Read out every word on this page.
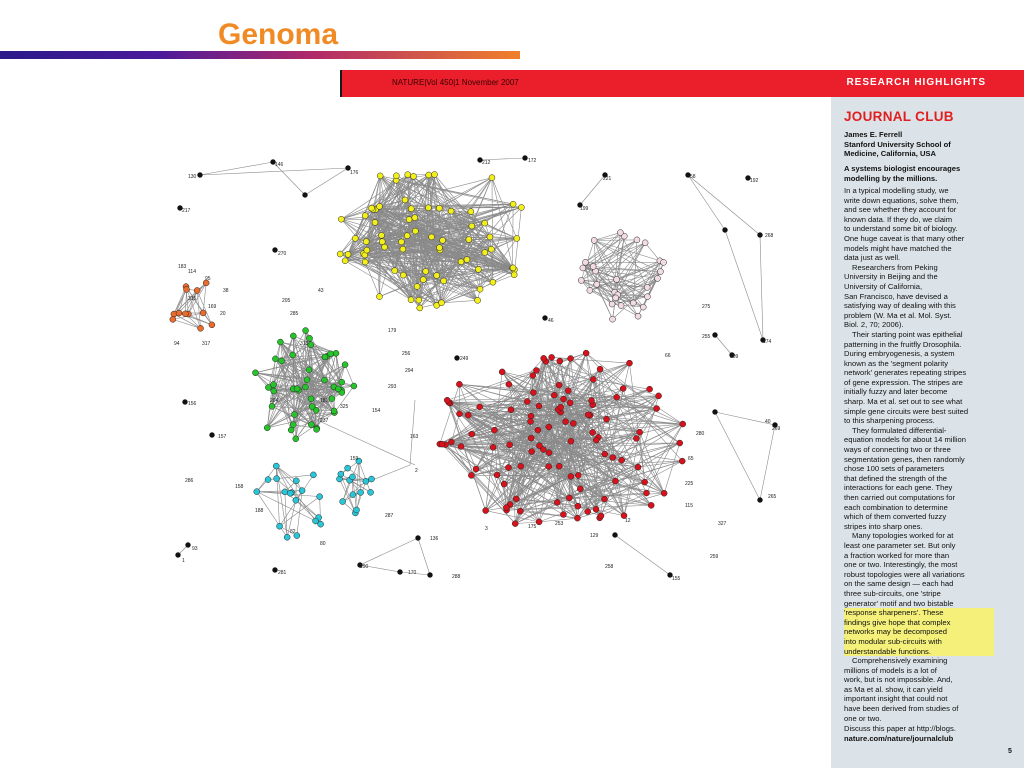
Genoma
NATURE|Vol 450|1 November 2007	RESEARCH HIGHLIGHTS
130
146
176
212	172
217
270
221
199
58
192
268
174
183
114
95
38
315
169
20
94	317
205
43
179
256
294
293
204
154
325
181
249
46
275
255
209
66
156
157
237
163
2
159
286
158
188
82
80
287
93
1
281
136
190
170
288
3	175	253
129
12
115
225
65
280
269
40
265
327
259
258
155
285
313
JOURNAL CLUB
James E. Ferrell
Stanford University School of
Medicine, California, USA
A systems biologist encourages
modelling by the millions.
In a typical modelling study, we
write down equations, solve them,
and see whether they account for
known data. If they do, we claim
to understand some bit of biology.
One huge caveat is that many other
models might have matched the
data just as well.
Researchers from Peking
University in Beijing and the
University of California,
San Francisco, have devised a
satisfying way of dealing with this
problem (W. Ma et al. Mol. Syst.
Biol. 2, 70; 2006).
Their starting point was epithelial
patterning in the fruitfly Drosophila.
During embryogenesis, a system
known as the 'segment polarity
network' generates repeating stripes
of gene expression. The stripes are
initially fuzzy and later become
sharp. Ma et al. set out to see what
simple gene circuits were best suited
to this sharpening process.
They formulated differential-
equation models for about 14 million
ways of connecting two or three
segmentation genes, then randomly
chose 100 sets of parameters
that defined the strength of the
interactions for each gene. They
then carried out computations for
each combination to determine
which of them converted fuzzy
stripes into sharp ones.
Many topologies worked for at
least one parameter set. But only
a fraction worked for more than
one or two. Interestingly, the most
robust topologies were all variations
on the same design — each had
three sub-circuits, one 'stripe
generator' motif and two bistable
'response sharpeners'. These
findings give hope that complex
networks may be decomposed
into modular sub-circuits with
understandable functions.
Comprehensively examining
millions of models is a lot of
work, but is not impossible. And,
as Ma et al. show, it can yield
important insight that could not
have been derived from studies of
one or two.
Discuss this paper at http://blogs.
nature.com/nature/journalclub
5
